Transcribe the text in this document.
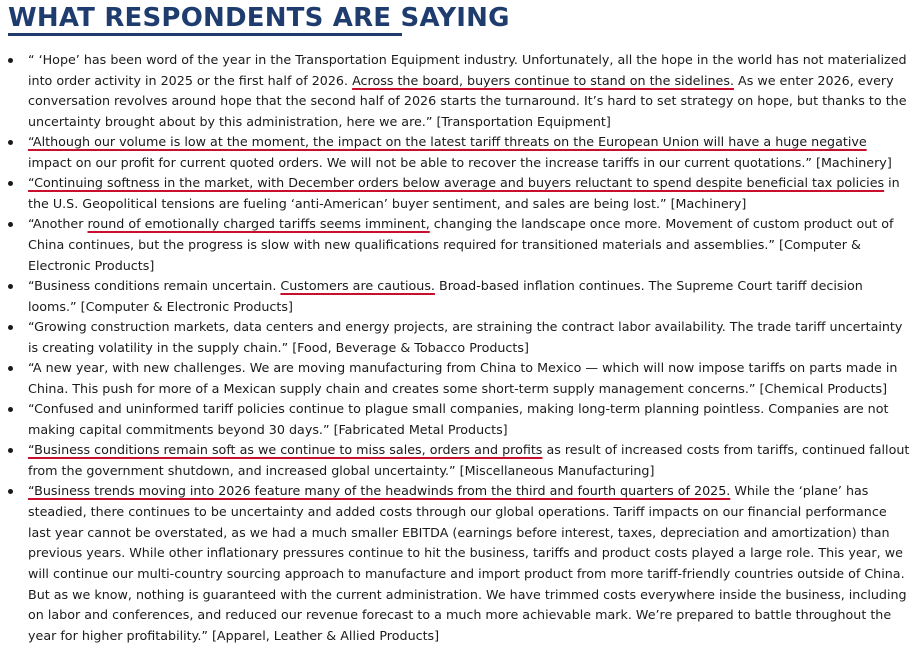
WHAT RESPONDENTS ARE SAYING
“ ‘Hope’ has been word of the year in the Transportation Equipment industry. Unfortunately, all the hope in the world has not materialized into order activity in 2025 or the first half of 2026. Across the board, buyers continue to stand on the sidelines. As we enter 2026, every conversation revolves around hope that the second half of 2026 starts the turnaround. It’s hard to set strategy on hope, but thanks to the uncertainty brought about by this administration, here we are.” [Transportation Equipment]
“Although our volume is low at the moment, the impact on the latest tariff threats on the European Union will have a huge negative impact on our profit for current quoted orders. We will not be able to recover the increase tariffs in our current quotations.” [Machinery]
“Continuing softness in the market, with December orders below average and buyers reluctant to spend despite beneficial tax policies in the U.S. Geopolitical tensions are fueling ‘anti-American’ buyer sentiment, and sales are being lost.” [Machinery]
“Another round of emotionally charged tariffs seems imminent, changing the landscape once more. Movement of custom product out of China continues, but the progress is slow with new qualifications required for transitioned materials and assemblies.” [Computer & Electronic Products]
“Business conditions remain uncertain. Customers are cautious. Broad-based inflation continues. The Supreme Court tariff decision looms.” [Computer & Electronic Products]
“Growing construction markets, data centers and energy projects, are straining the contract labor availability. The trade tariff uncertainty is creating volatility in the supply chain.” [Food, Beverage & Tobacco Products]
“A new year, with new challenges. We are moving manufacturing from China to Mexico — which will now impose tariffs on parts made in China. This push for more of a Mexican supply chain and creates some short-term supply management concerns.” [Chemical Products]
“Confused and uninformed tariff policies continue to plague small companies, making long-term planning pointless. Companies are not making capital commitments beyond 30 days.” [Fabricated Metal Products]
“Business conditions remain soft as we continue to miss sales, orders and profits as result of increased costs from tariffs, continued fallout from the government shutdown, and increased global uncertainty.” [Miscellaneous Manufacturing]
“Business trends moving into 2026 feature many of the headwinds from the third and fourth quarters of 2025. While the ‘plane’ has steadied, there continues to be uncertainty and added costs through our global operations. Tariff impacts on our financial performance last year cannot be overstated, as we had a much smaller EBITDA (earnings before interest, taxes, depreciation and amortization) than previous years. While other inflationary pressures continue to hit the business, tariffs and product costs played a large role. This year, we will continue our multi-country sourcing approach to manufacture and import product from more tariff-friendly countries outside of China. But as we know, nothing is guaranteed with the current administration. We have trimmed costs everywhere inside the business, including on labor and conferences, and reduced our revenue forecast to a much more achievable mark. We’re prepared to battle throughout the year for higher profitability.” [Apparel, Leather & Allied Products]
